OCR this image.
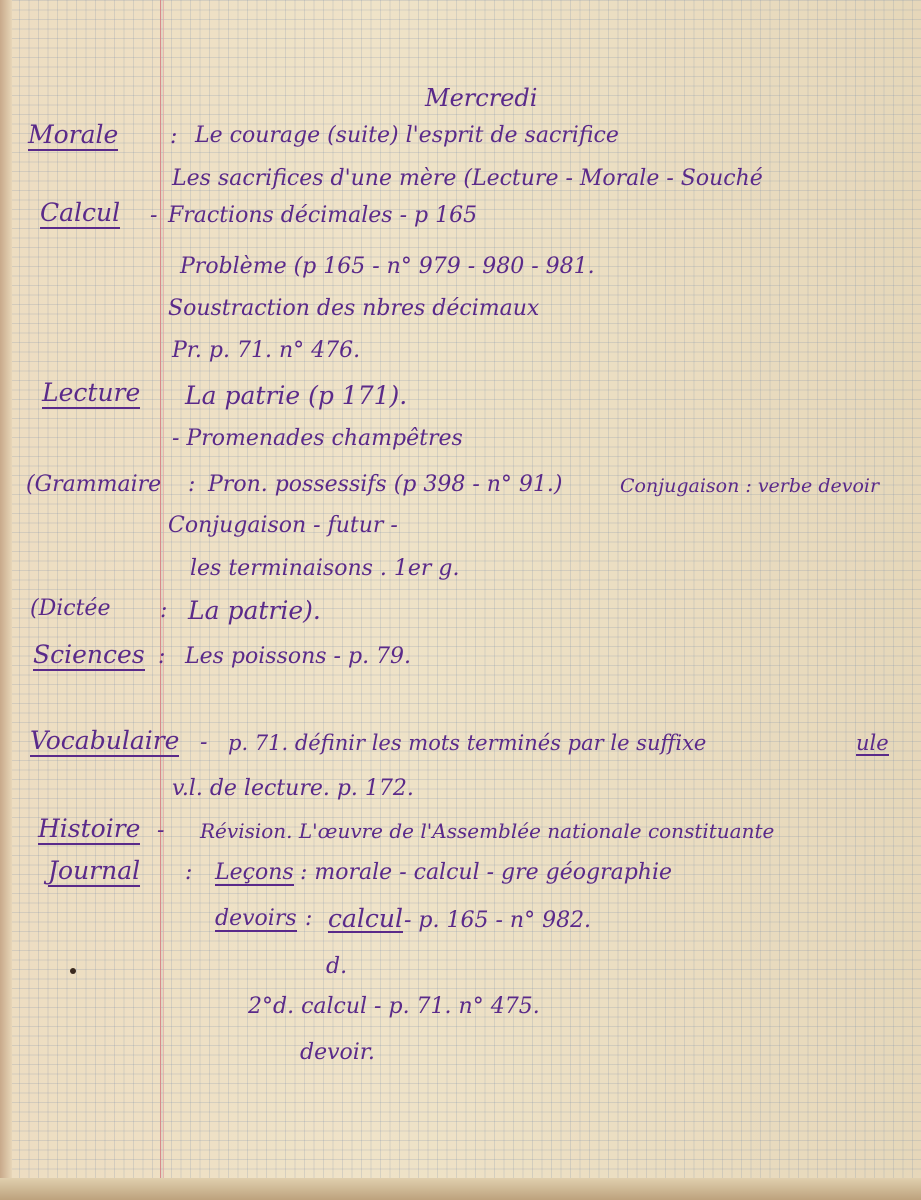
Mercredi
Morale : Le courage (suite) l'esprit de sacrifice
Les sacrifices d'une mère (Lecture - Morale - Souché
Calcul - Fractions décimales - p 165
Problème (p 165 - n° 979 - 980 - 981.
Soustraction des nbres décimaux
Pr. p. 71. n° 476.
Lecture La patrie (p 171).
- Promenades champêtres
(Grammaire : Pron. possessifs (p 398 - n° 91.)	Conjugaison : verbe devoir
Conjugaison - futur -
les terminaisons . 1er g.
(Dictée : La patrie).
Sciences : Les poissons - p. 79.
Vocabulaire - p. 71. définir les mots terminés par le suffixe	ule
v.l. de lecture. p. 172.
Histoire - Révision. L'œuvre de l'Assemblée nationale constituante
Journal : Leçons : morale - calcul - gre géographie
devoirs : calcul - p. 165 - n° 982.
d.
2°d. calcul - p. 71. n° 475.
devoir.
